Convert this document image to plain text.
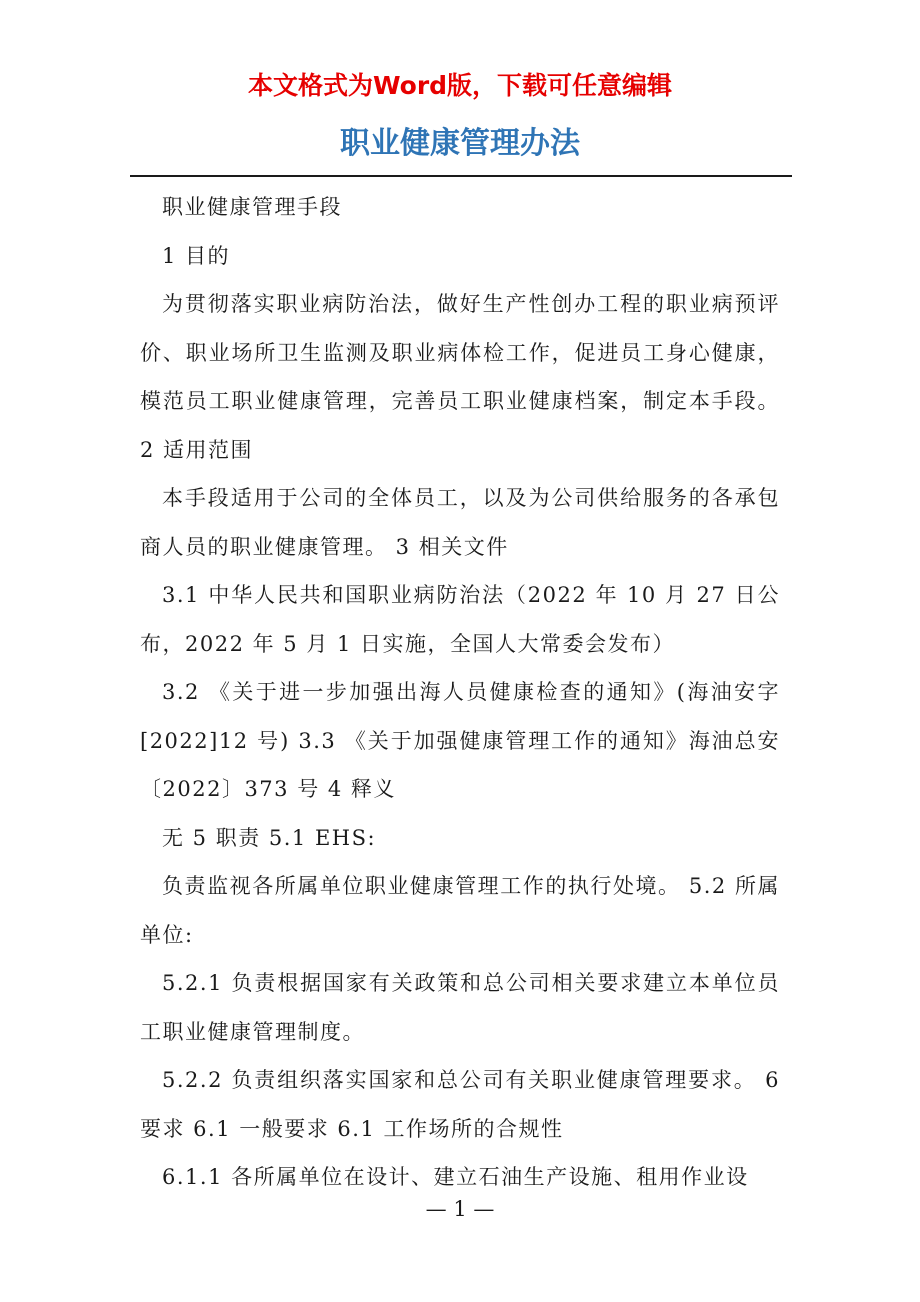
本文格式为Word版，下载可任意编辑
职业健康管理办法

职业健康管理手段

1 目的

为贯彻落实职业病防治法，做好生产性创办工程的职业病预评价、职业场所卫生监测及职业病体检工作，促进员工身心健康，模范员工职业健康管理，完善员工职业健康档案，制定本手段。 2 适用范围

本手段适用于公司的全体员工，以及为公司供给服务的各承包商人员的职业健康管理。 3 相关文件

3.1 中华人民共和国职业病防治法（2022 年 10 月 27 日公布，2022 年 5 月 1 日实施，全国人大常委会发布）

3.2 《关于进一步加强出海人员健康检查的通知》(海油安字[2022]12 号) 3.3 《关于加强健康管理工作的通知》海油总安〔2022〕373 号 4 释义

无 5 职责 5.1 EHS:

负责监视各所属单位职业健康管理工作的执行处境。 5.2 所属单位:

5.2.1 负责根据国家有关政策和总公司相关要求建立本单位员工职业健康管理制度。

5.2.2 负责组织落实国家和总公司有关职业健康管理要求。 6 要求 6.1 一般要求 6.1 工作场所的合规性

6.1.1 各所属单位在设计、建立石油生产设施、租用作业设

— 1 —
